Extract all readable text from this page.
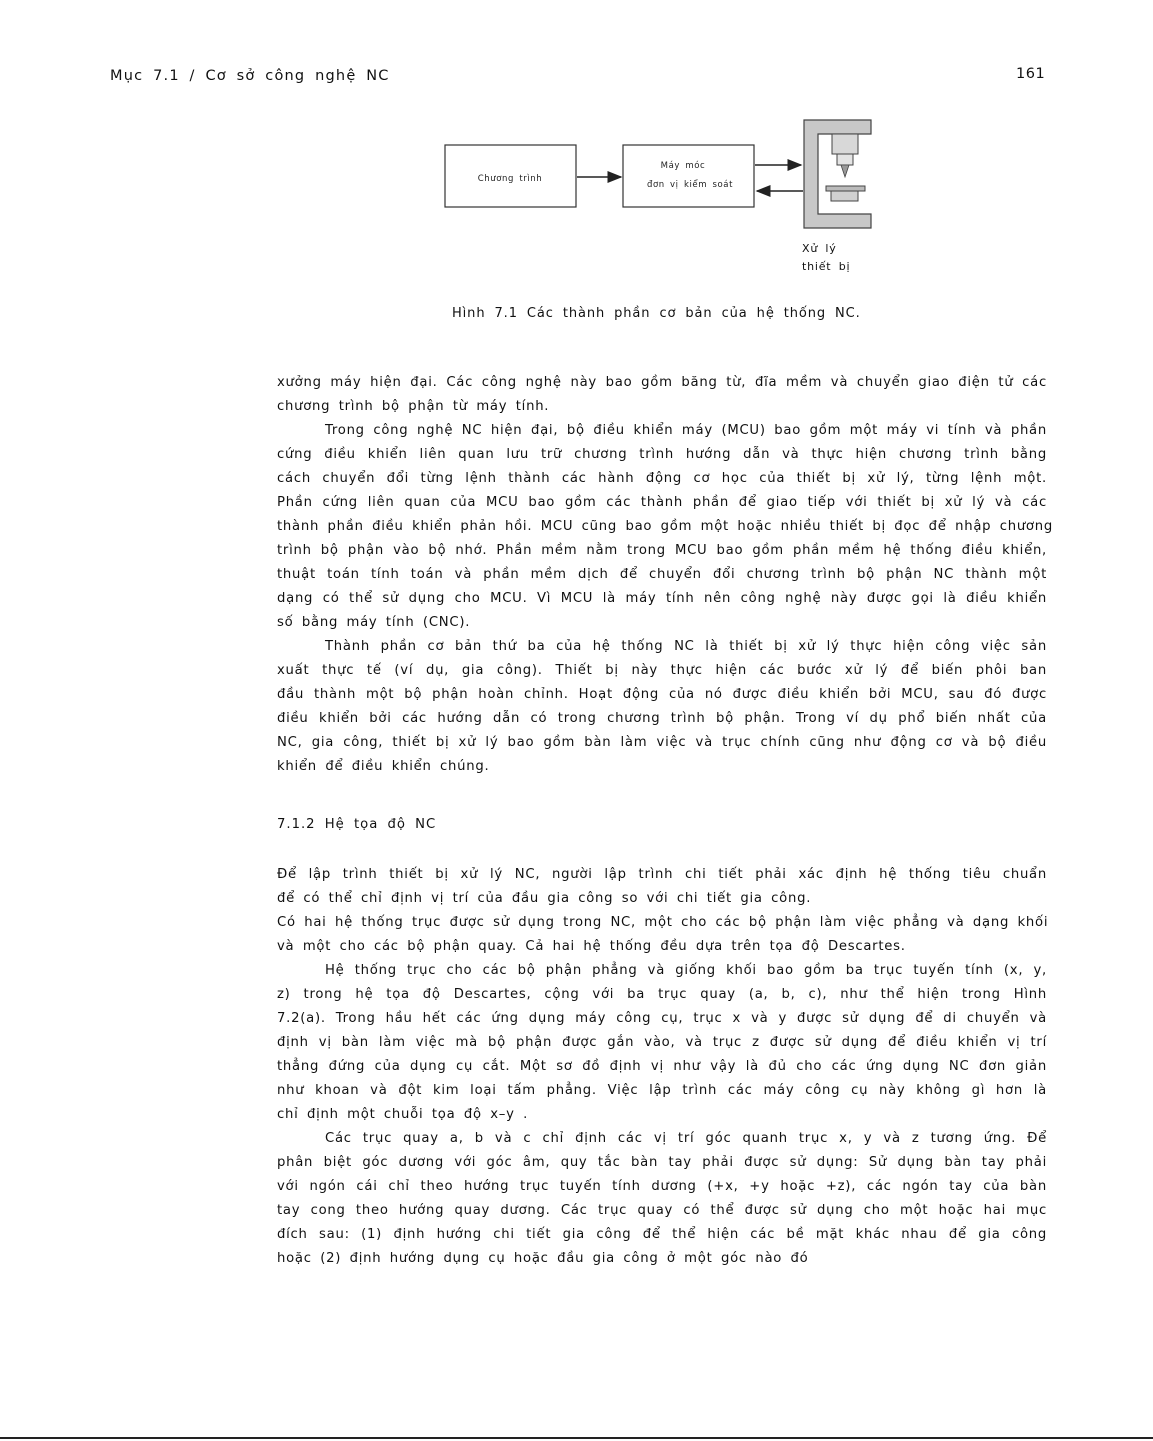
Mục 7.1 / Cơ sở công nghệ NC	161
Chương trình
Máy móc
đơn vị kiểm soát
Xử lý
thiết bị
Hình 7.1 Các thành phần cơ bản của hệ thống NC.
xưởng máy hiện đại. Các công nghệ này bao gồm băng từ, đĩa mềm và chuyển giao điện tử các
chương trình bộ phận từ máy tính.
Trong công nghệ NC hiện đại, bộ điều khiển máy (MCU) bao gồm một máy vi tính và phần
cứng điều khiển liên quan lưu trữ chương trình hướng dẫn và thực hiện chương trình bằng
cách chuyển đổi từng lệnh thành các hành động cơ học của thiết bị xử lý, từng lệnh một.
Phần cứng liên quan của MCU bao gồm các thành phần để giao tiếp với thiết bị xử lý và các
thành phần điều khiển phản hồi. MCU cũng bao gồm một hoặc nhiều thiết bị đọc để nhập chương
trình bộ phận vào bộ nhớ. Phần mềm nằm trong MCU bao gồm phần mềm hệ thống điều khiển,
thuật toán tính toán và phần mềm dịch để chuyển đổi chương trình bộ phận NC thành một
dạng có thể sử dụng cho MCU. Vì MCU là máy tính nên công nghệ này được gọi là điều khiển
số bằng máy tính (CNC).
Thành phần cơ bản thứ ba của hệ thống NC là thiết bị xử lý thực hiện công việc sản
xuất thực tế (ví dụ, gia công). Thiết bị này thực hiện các bước xử lý để biến phôi ban
đầu thành một bộ phận hoàn chỉnh. Hoạt động của nó được điều khiển bởi MCU, sau đó được
điều khiển bởi các hướng dẫn có trong chương trình bộ phận. Trong ví dụ phổ biến nhất của
NC, gia công, thiết bị xử lý bao gồm bàn làm việc và trục chính cũng như động cơ và bộ điều
khiển để điều khiển chúng.
7.1.2 Hệ tọa độ NC
Để lập trình thiết bị xử lý NC, người lập trình chi tiết phải xác định hệ thống tiêu chuẩn
để có thể chỉ định vị trí của đầu gia công so với chi tiết gia công.
Có hai hệ thống trục được sử dụng trong NC, một cho các bộ phận làm việc phẳng và dạng khối
và một cho các bộ phận quay. Cả hai hệ thống đều dựa trên tọa độ Descartes.
Hệ thống trục cho các bộ phận phẳng và giống khối bao gồm ba trục tuyến tính (x, y,
z) trong hệ tọa độ Descartes, cộng với ba trục quay (a, b, c), như thể hiện trong Hình
7.2(a). Trong hầu hết các ứng dụng máy công cụ, trục x và y được sử dụng để di chuyển và
định vị bàn làm việc mà bộ phận được gắn vào, và trục z được sử dụng để điều khiển vị trí
thẳng đứng của dụng cụ cắt. Một sơ đồ định vị như vậy là đủ cho các ứng dụng NC đơn giản
như khoan và đột kim loại tấm phẳng. Việc lập trình các máy công cụ này không gì hơn là
chỉ định một chuỗi tọa độ x–y .
Các trục quay a, b và c chỉ định các vị trí góc quanh trục x, y và z tương ứng. Để
phân biệt góc dương với góc âm, quy tắc bàn tay phải được sử dụng: Sử dụng bàn tay phải
với ngón cái chỉ theo hướng trục tuyến tính dương (+x, +y hoặc +z), các ngón tay của bàn
tay cong theo hướng quay dương. Các trục quay có thể được sử dụng cho một hoặc hai mục
đích sau: (1) định hướng chi tiết gia công để thể hiện các bề mặt khác nhau để gia công
hoặc (2) định hướng dụng cụ hoặc đầu gia công ở một góc nào đó
